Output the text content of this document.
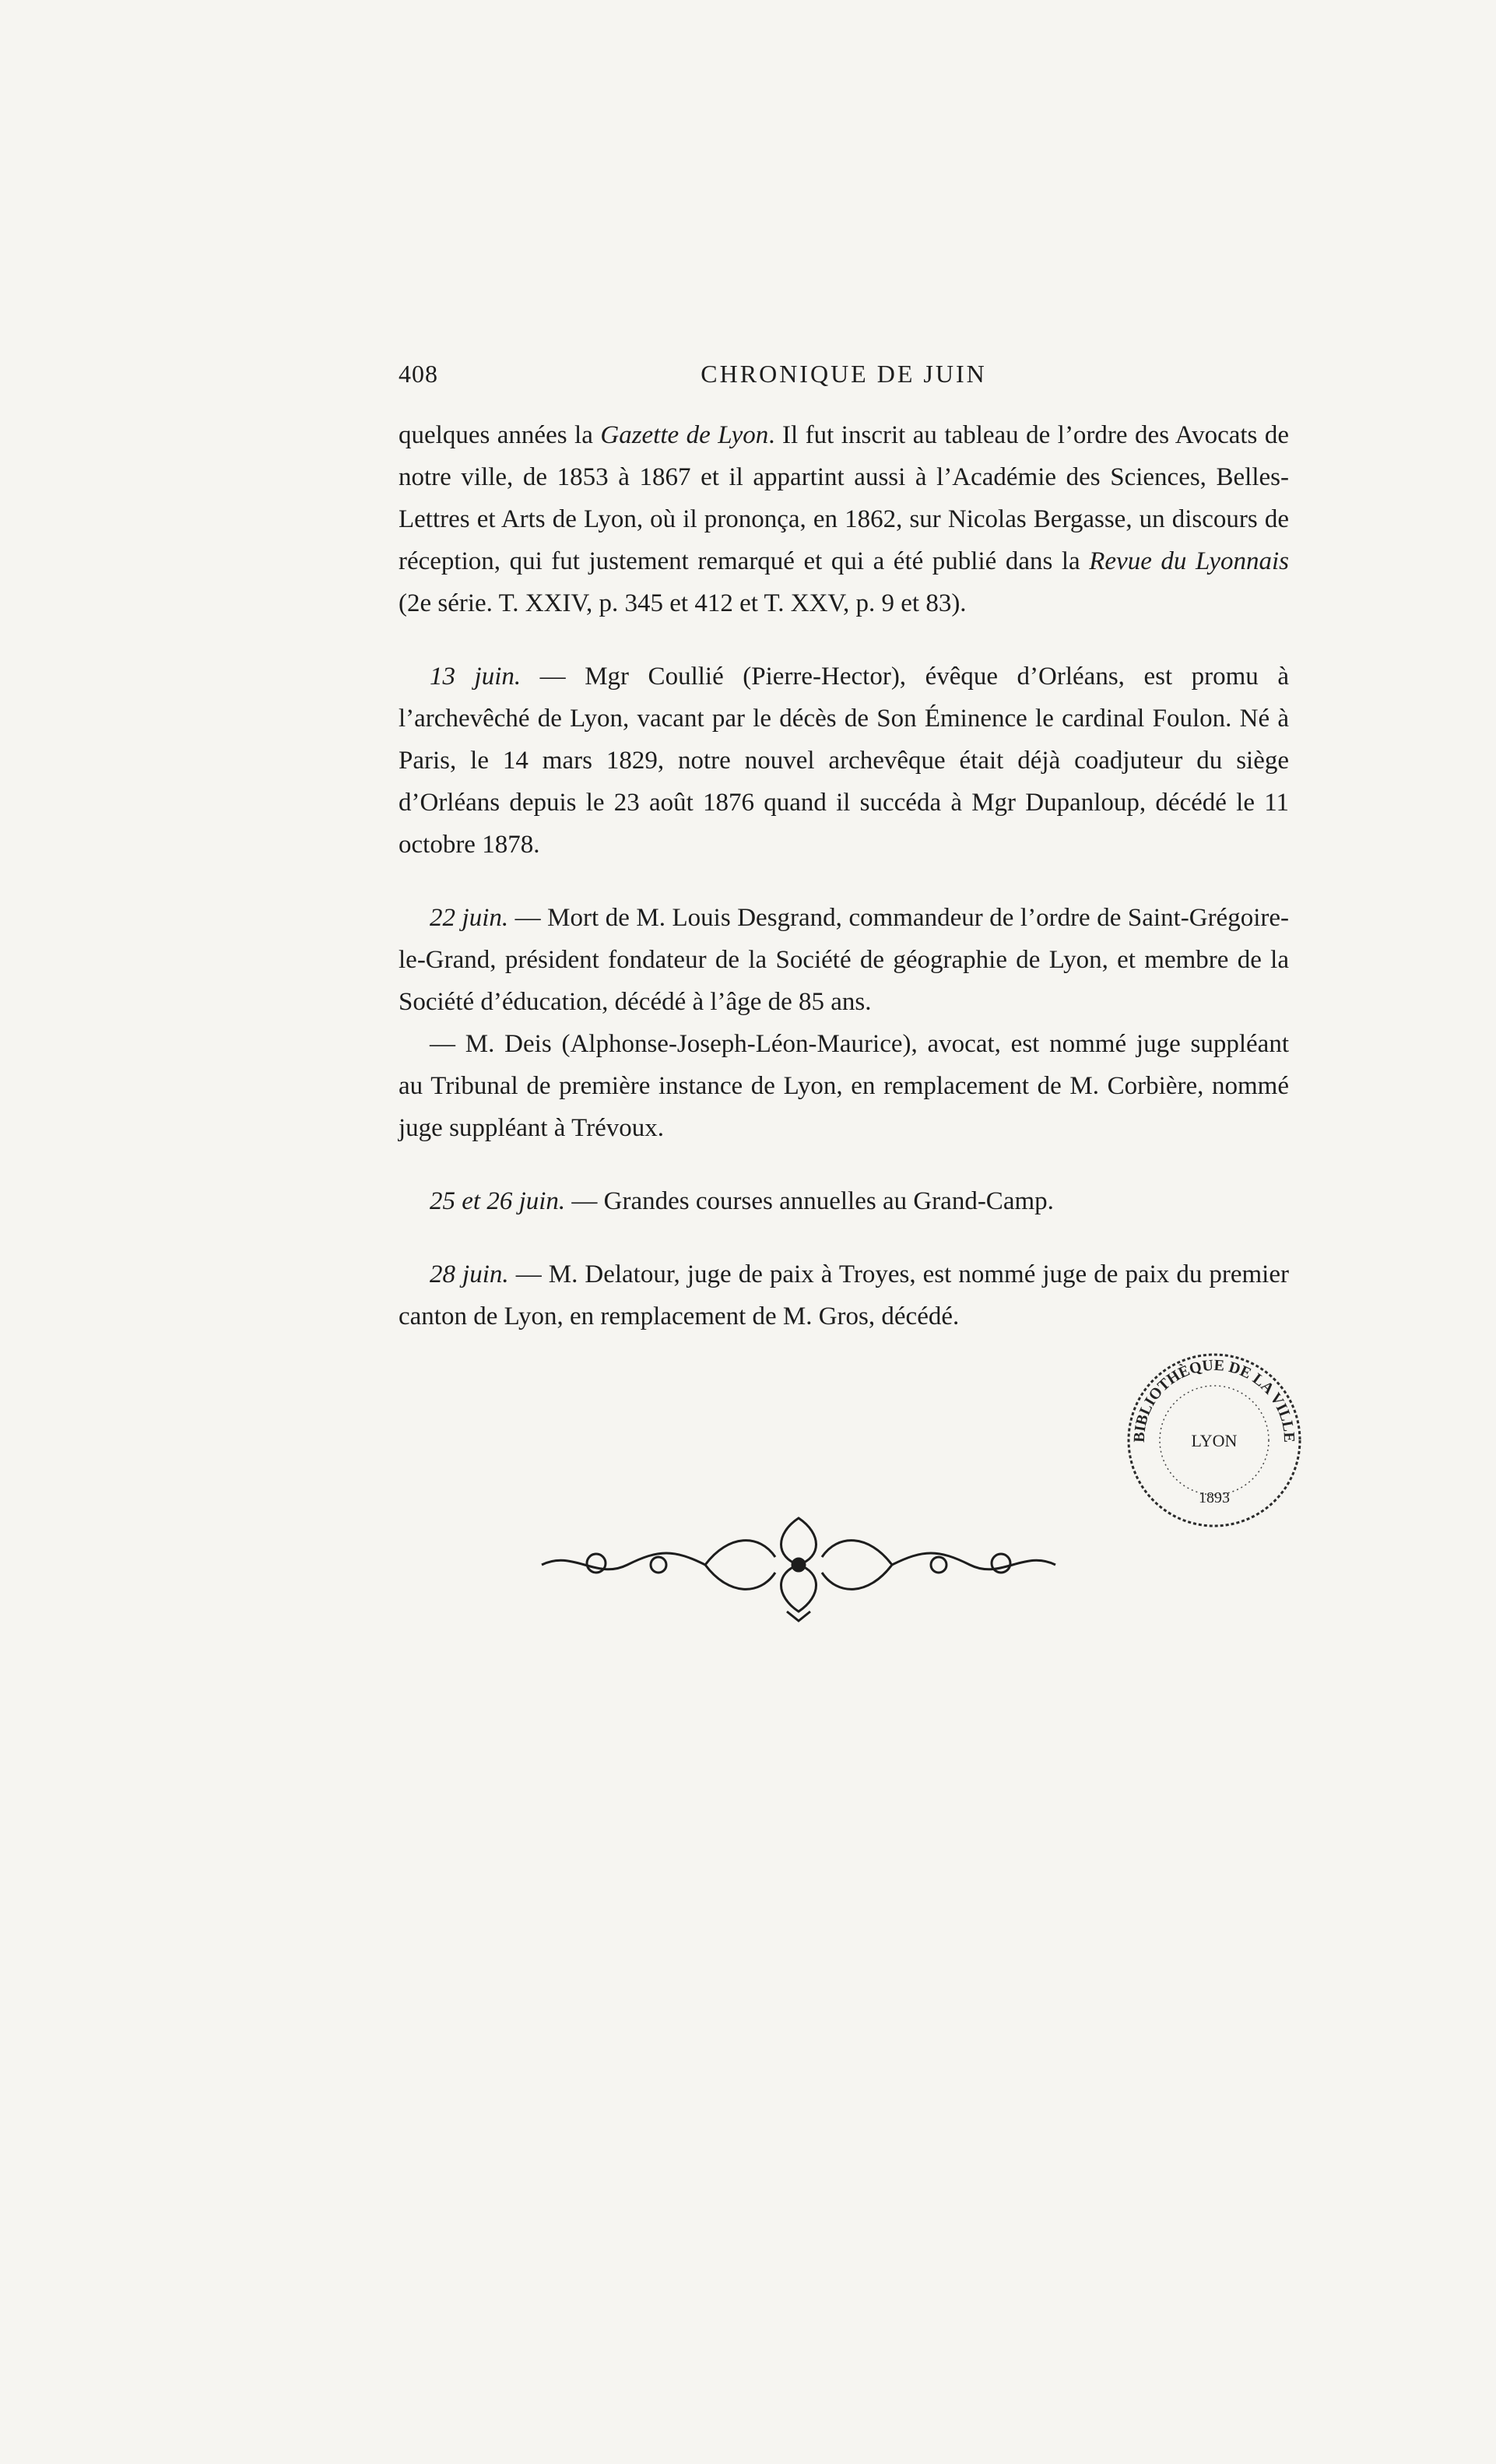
408	CHRONIQUE DE JUIN

quelques années la Gazette de Lyon. Il fut inscrit au tableau de l’ordre des Avocats de notre ville, de 1853 à 1867 et il appartint aussi à l’Académie des Sciences, Belles-Lettres et Arts de Lyon, où il prononça, en 1862, sur Nicolas Bergasse, un discours de réception, qui fut justement remarqué et qui a été publié dans la Revue du Lyonnais (2e série. T. XXIV, p. 345 et 412 et T. XXV, p. 9 et 83).

13 juin. — Mgr Coullié (Pierre-Hector), évêque d’Orléans, est promu à l’archevêché de Lyon, vacant par le décès de Son Éminence le cardinal Foulon. Né à Paris, le 14 mars 1829, notre nouvel archevêque était déjà coadjuteur du siège d’Orléans depuis le 23 août 1876 quand il succéda à Mgr Dupanloup, décédé le 11 octobre 1878.

22 juin. — Mort de M. Louis Desgrand, commandeur de l’ordre de Saint-Grégoire-le-Grand, président fondateur de la Société de géographie de Lyon, et membre de la Société d’éducation, décédé à l’âge de 85 ans.

— M. Deis (Alphonse-Joseph-Léon-Maurice), avocat, est nommé juge suppléant au Tribunal de première instance de Lyon, en remplacement de M. Corbière, nommé juge suppléant à Trévoux.

25 et 26 juin. — Grandes courses annuelles au Grand-Camp.

28 juin. — M. Delatour, juge de paix à Troyes, est nommé juge de paix du premier canton de Lyon, en remplacement de M. Gros, décédé.

BIBLIOTHÈQUE DE LA VILLE
LYON
1893
